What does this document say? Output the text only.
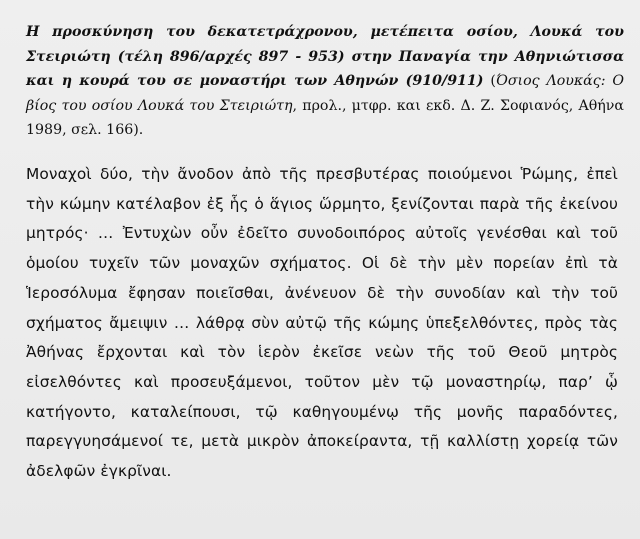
Η προσκύνηση του δεκατετράχρονου, μετέπειτα οσίου, Λουκά του Στειριώτη (τέλη 896/αρχές 897 - 953) στην Παναγία την Αθηνιώτισσα και η κουρά του σε μοναστήρι των Αθηνών (910/911) (Όσιος Λουκάς: Ο βίος του οσίου Λουκά του Στειριώτη, προλ., μτφρ. και εκδ. Δ. Ζ. Σοφιανός, Αθήνα 1989, σελ. 166).

Μοναχοὶ δύο, τὴν ἄνοδον ἀπὸ τῆς πρεσβυτέρας ποιούμενοι Ῥώμης, ἐπεὶ τὴν κώμην κατέλαβον ἐξ ἧς ὁ ἅγιος ὥρμητο, ξενίζονται παρὰ τῆς ἐκείνου μητρός· … Ἐντυχὼν οὖν ἐδεῖτο συνοδοιπόρος αὐτοῖς γενέσθαι καὶ τοῦ ὁμοίου τυχεῖν τῶν μοναχῶν σχήματος. Οἱ δὲ τὴν μὲν πορείαν ἐπὶ τὰ Ἱεροσόλυμα ἔφησαν ποιεῖσθαι, ἀνένευον δὲ τὴν συνοδίαν καὶ τὴν τοῦ σχήματος ἄμειψιν … λάθρᾳ σὺν αὐτῷ τῆς κώμης ὑπεξελθόντες, πρὸς τὰς Ἀθήνας ἔρχονται καὶ τὸν ἱερὸν ἐκεῖσε νεὼν τῆς τοῦ Θεοῦ μητρὸς εἰσελθόντες καὶ προσευξάμενοι, τοῦτον μὲν τῷ μοναστηρίῳ, παρ’ ᾧ κατήγοντο, καταλείπουσι, τῷ καθηγουμένῳ τῆς μονῆς παραδόντες, παρεγγυησάμενοί τε, μετὰ μικρὸν ἀποκείραντα, τῇ καλλίστῃ χορείᾳ τῶν ἀδελφῶν ἐγκρῖναι.
